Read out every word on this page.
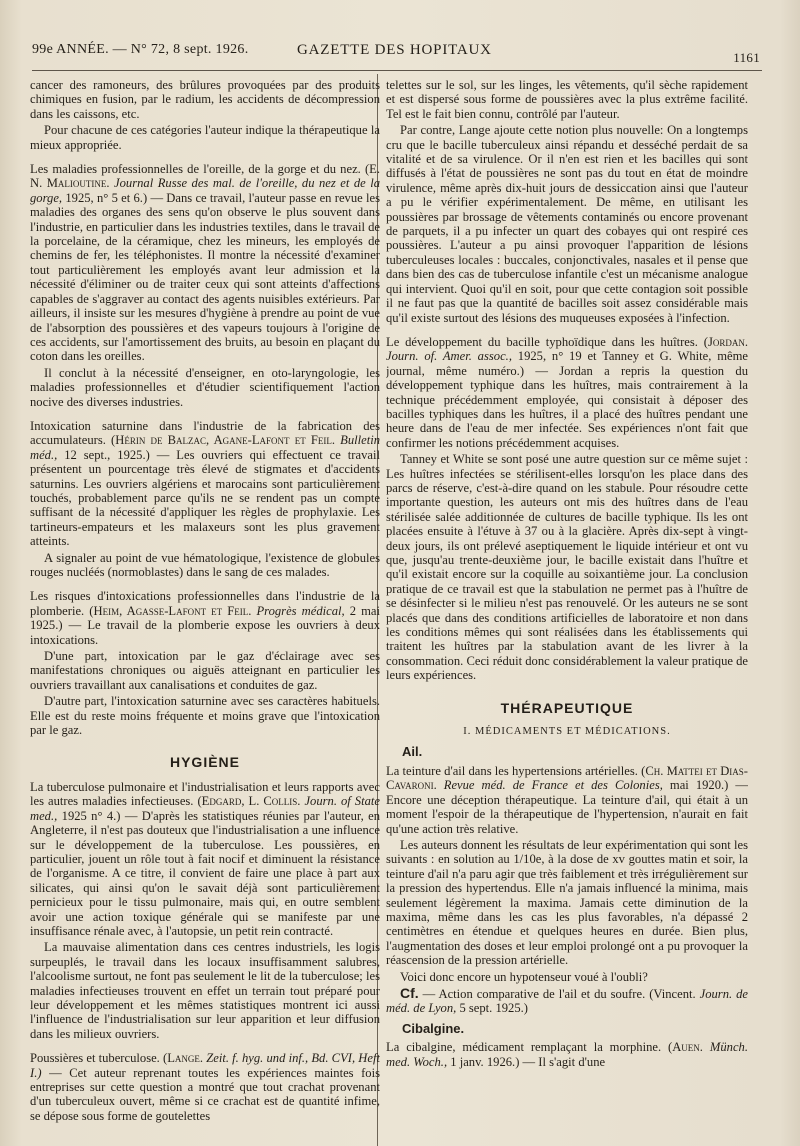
99e ANNÉE. — N° 72, 8 sept. 1926.	GAZETTE DES HOPITAUX	1161

cancer des ramoneurs, des brûlures provoquées par des produits chimiques en fusion, par le radium, les accidents de décompression dans les caissons, etc.

Pour chacune de ces catégories l'auteur indique la thérapeutique la mieux appropriée.

Les maladies professionnelles de l'oreille, de la gorge et du nez. (E. N. Malioutine. Journal Russe des mal. de l'oreille, du nez et de la gorge, 1925, n° 5 et 6.) — Dans ce travail, l'auteur passe en revue les maladies des organes des sens qu'on observe le plus souvent dans l'industrie, en particulier dans les industries textiles, dans le travail de la porcelaine, de la céramique, chez les mineurs, les employés de chemins de fer, les téléphonistes. Il montre la nécessité d'examiner tout particulièrement les employés avant leur admission et la nécessité d'éliminer ou de traiter ceux qui sont atteints d'affections capables de s'aggraver au contact des agents nuisibles extérieurs. Par ailleurs, il insiste sur les mesures d'hygiène à prendre au point de vue de l'absorption des poussières et des vapeurs toujours à l'origine de ces accidents, sur l'amortissement des bruits, au besoin en plaçant du coton dans les oreilles.

Il conclut à la nécessité d'enseigner, en oto-laryngologie, les maladies professionnelles et d'étudier scientifiquement l'action nocive des diverses industries.

Intoxication saturnine dans l'industrie de la fabrication des accumulateurs. (Hérin de Balzac, Agane-Lafont et Feil. Bulletin méd., 12 sept., 1925.) — Les ouvriers qui effectuent ce travail présentent un pourcentage très élevé de stigmates et d'accidents saturnins. Les ouvriers algériens et marocains sont particulièrement touchés, probablement parce qu'ils ne se rendent pas un compte suffisant de la nécessité d'appliquer les règles de prophylaxie. Les tartineurs-empateurs et les malaxeurs sont les plus gravement atteints.

A signaler au point de vue hématologique, l'existence de globules rouges nucléés (normoblastes) dans le sang de ces malades.

Les risques d'intoxications professionnelles dans l'industrie de la plomberie. (Heim, Agasse-Lafont et Feil. Progrès médical, 2 mai 1925.) — Le travail de la plomberie expose les ouvriers à deux intoxications.

D'une part, intoxication par le gaz d'éclairage avec ses manifestations chroniques ou aiguës atteignant en particulier les ouvriers travaillant aux canalisations et conduites de gaz.

D'autre part, l'intoxication saturnine avec ses caractères habituels. Elle est du reste moins fréquente et moins grave que l'intoxication par le gaz.

HYGIÈNE

La tuberculose pulmonaire et l'industrialisation et leurs rapports avec les autres maladies infectieuses. (Edgard, L. Collis. Journ. of State med., 1925 n° 4.) — D'après les statistiques réunies par l'auteur, en Angleterre, il n'est pas douteux que l'industrialisation a une influence sur le développement de la tuberculose. Les poussières, en particulier, jouent un rôle tout à fait nocif et diminuent la résistance de l'organisme. A ce titre, il convient de faire une place à part aux silicates, qui ainsi qu'on le savait déjà sont particulièrement pernicieux pour le tissu pulmonaire, mais qui, en outre semblent avoir une action toxique générale qui se manifeste par une insuffisance rénale avec, à l'autopsie, un petit rein contracté.

La mauvaise alimentation dans ces centres industriels, les logis surpeuplés, le travail dans les locaux insuffisamment salubres, l'alcoolisme surtout, ne font pas seulement le lit de la tuberculose; les maladies infectieuses trouvent en effet un terrain tout préparé pour leur développement et les mêmes statistiques montrent ici aussi l'influence de l'industrialisation sur leur apparition et leur diffusion dans les milieux ouvriers.

Poussières et tuberculose. (Lange. Zeit. f. hyg. und inf., Bd. CVI, Heft I.) — Cet auteur reprenant toutes les expériences maintes fois entreprises sur cette question a montré que tout crachat provenant d'un tuberculeux ouvert, même si ce crachat est de quantité infime, se dépose sous forme de goutelettes

telettes sur le sol, sur les linges, les vêtements, qu'il sèche rapidement et est dispersé sous forme de poussières avec la plus extrême facilité. Tel est le fait bien connu, contrôlé par l'auteur.

Par contre, Lange ajoute cette notion plus nouvelle: On a longtemps cru que le bacille tuberculeux ainsi répandu et desséché perdait de sa vitalité et de sa virulence. Or il n'en est rien et les bacilles qui sont diffusés à l'état de poussières ne sont pas du tout en état de moindre virulence, même après dix-huit jours de dessiccation ainsi que l'auteur a pu le vérifier expérimentalement. De même, en utilisant les poussières par brossage de vêtements contaminés ou encore provenant de parquets, il a pu infecter un quart des cobayes qui ont respiré ces poussières. L'auteur a pu ainsi provoquer l'apparition de lésions tuberculeuses locales : buccales, conjonctivales, nasales et il pense que dans bien des cas de tuberculose infantile c'est un mécanisme analogue qui intervient. Quoi qu'il en soit, pour que cette contagion soit possible il ne faut pas que la quantité de bacilles soit assez considérable mais qu'il existe surtout des lésions des muqueuses exposées à l'infection.

Le développement du bacille typhoïdique dans les huîtres. (Jordan. Journ. of. Amer. assoc., 1925, n° 19 et Tanney et G. White, même journal, même numéro.) — Jordan a repris la question du développement typhique dans les huîtres, mais contrairement à la technique précédemment employée, qui consistait à déposer des bacilles typhiques dans les huîtres, il a placé des huîtres pendant une heure dans de l'eau de mer infectée. Ses expériences n'ont fait que confirmer les notions précédemment acquises.

Tanney et White se sont posé une autre question sur ce même sujet : Les huîtres infectées se stérilisent-elles lorsqu'on les place dans des parcs de réserve, c'est-à-dire quand on les stabule. Pour résoudre cette importante question, les auteurs ont mis des huîtres dans de l'eau stérilisée salée additionnée de cultures de bacille typhique. Ils les ont placées ensuite à l'étuve à 37 ou à la glacière. Après dix-sept à vingt-deux jours, ils ont prélevé aseptiquement le liquide intérieur et ont vu que, jusqu'au trente-deuxième jour, le bacille existait dans l'huître et qu'il existait encore sur la coquille au soixantième jour. La conclusion pratique de ce travail est que la stabulation ne permet pas à l'huître de se désinfecter si le milieu n'est pas renouvelé. Or les auteurs ne se sont placés que dans des conditions artificielles de laboratoire et non dans les conditions mêmes qui sont réalisées dans les établissements qui traitent les huîtres par la stabulation avant de les livrer à la consommation. Ceci réduit donc considérablement la valeur pratique de leurs expériences.

THÉRAPEUTIQUE
I. MÉDICAMENTS ET MÉDICATIONS.
Ail.

La teinture d'ail dans les hypertensions artérielles. (Ch. Mattei et Dias-Cavaroni. Revue méd. de France et des Colonies, mai 1920.) — Encore une déception thérapeutique. La teinture d'ail, qui était à un moment l'espoir de la thérapeutique de l'hypertension, n'aurait en fait qu'une action très relative.

Les auteurs donnent les résultats de leur expérimentation qui sont les suivants : en solution au 1/10e, à la dose de xv gouttes matin et soir, la teinture d'ail n'a paru agir que très faiblement et très irrégulièrement sur la pression des hypertendus. Elle n'a jamais influencé la minima, mais seulement légèrement la maxima. Jamais cette diminution de la maxima, même dans les cas les plus favorables, n'a dépassé 2 centimètres en étendue et quelques heures en durée. Bien plus, l'augmentation des doses et leur emploi prolongé ont a pu provoquer la réascension de la pression artérielle.

Voici donc encore un hypotenseur voué à l'oubli?

Cf. — Action comparative de l'ail et du soufre. (Vincent. Journ. de méd. de Lyon, 5 sept. 1925.)

Cibalgine.

La cibalgine, médicament remplaçant la morphine. (Auen. Münch. med. Woch., 1 janv. 1926.) — Il s'agit d'une
